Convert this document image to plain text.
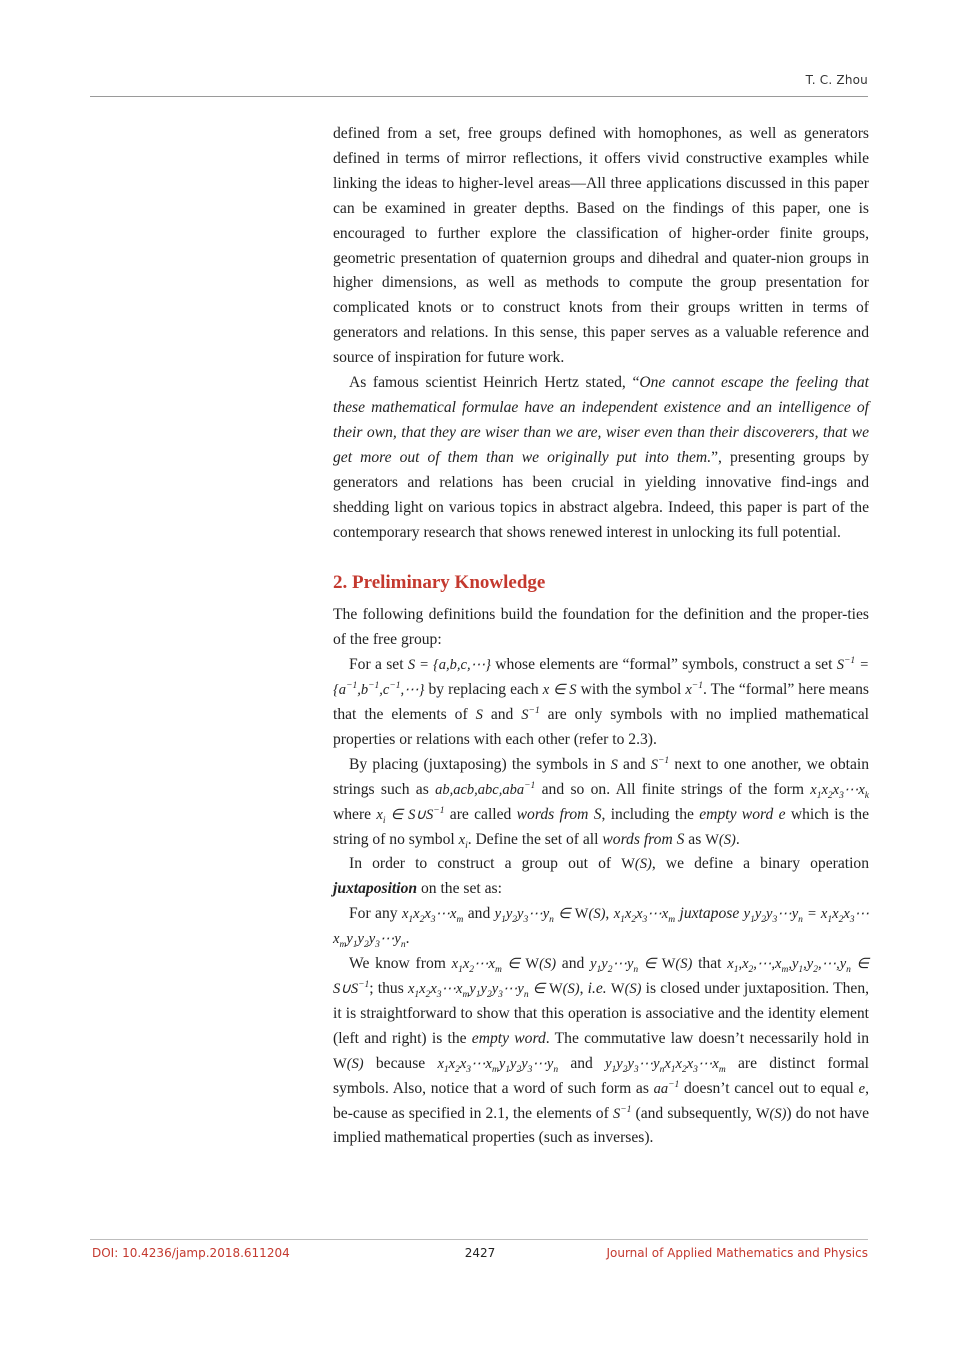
T. C. Zhou

defined from a set, free groups defined with homophones, as well as generators defined in terms of mirror reflections, it offers vivid constructive examples while linking the ideas to higher-level areas—All three applications discussed in this paper can be examined in greater depths. Based on the findings of this paper, one is encouraged to further explore the classification of higher-order finite groups, geometric presentation of quaternion groups and dihedral and quater-nion groups in higher dimensions, as well as methods to compute the group presentation for complicated knots or to construct knots from their groups written in terms of generators and relations. In this sense, this paper serves as a valuable reference and source of inspiration for future work.

As famous scientist Heinrich Hertz stated, “One cannot escape the feeling that these mathematical formulae have an independent existence and an intelligence of their own, that they are wiser than we are, wiser even than their discoverers, that we get more out of them than we originally put into them.”, presenting groups by generators and relations has been crucial in yielding innovative find-ings and shedding light on various topics in abstract algebra. Indeed, this paper is part of the contemporary research that shows renewed interest in unlocking its full potential.

2. Preliminary Knowledge

The following definitions build the foundation for the definition and the proper-ties of the free group:

For a set S = {a,b,c,⋯} whose elements are “formal” symbols, construct a set $S^{-1}$ = $\{a^{-1},b^{-1},c^{-1},\cdots\}$ by replacing each x ∈ S with the symbol $x^{-1}$. The “formal” here means that the elements of S and $S^{-1}$ are only symbols with no implied mathematical properties or relations with each other (refer to 2.3).

By placing (juxtaposing) the symbols in S and $S^{-1}$ next to one another, we obtain strings such as ab,acb,abc,aba$^{-1}$ and so on. All finite strings of the form $x_1x_2x_3\cdots x_k$ where $x_i$ ∈ $S\cup S^{-1}$ are called words from S, including the empty word e which is the string of no symbol $x_i$. Define the set of all words from S as W(S).

In order to construct a group out of W(S), we define a binary operation juxtaposition on the set as:

For any $x_1x_2x_3\cdots x_m$ and $y_1y_2y_3\cdots y_n$ ∈ W(S), $x_1x_2x_3\cdots x_m$ juxtapose $y_1y_2y_3\cdots y_n$ = $x_1x_2x_3\cdots x_my_1y_2y_3\cdots y_n$.

We know from $x_1x_2\cdots x_m$ ∈ W(S) and $y_1y_2\cdots y_n$ ∈ W(S) that $x_1,x_2,\cdots,x_m,y_1,y_2,\cdots,y_n$ ∈ $S\cup S^{-1}$; thus $x_1x_2x_3\cdots x_my_1y_2y_3\cdots y_n$ ∈ W(S), i.e. W(S) is closed under juxtaposition. Then, it is straightforward to show that this operation is associative and the identity element (left and right) is the empty word. The commutative law doesn’t necessarily hold in W(S) because $x_1x_2x_3\cdots x_my_1y_2y_3\cdots y_n$ and $y_1y_2y_3\cdots y_nx_1x_2x_3\cdots x_m$ are distinct formal symbols. Also, notice that a word of such form as $aa^{-1}$ doesn’t cancel out to equal e, be-cause as specified in 2.1, the elements of $S^{-1}$ (and subsequently, W(S)) do not have implied mathematical properties (such as inverses).

DOI: 10.4236/jamp.2018.611204	2427	Journal of Applied Mathematics and Physics
